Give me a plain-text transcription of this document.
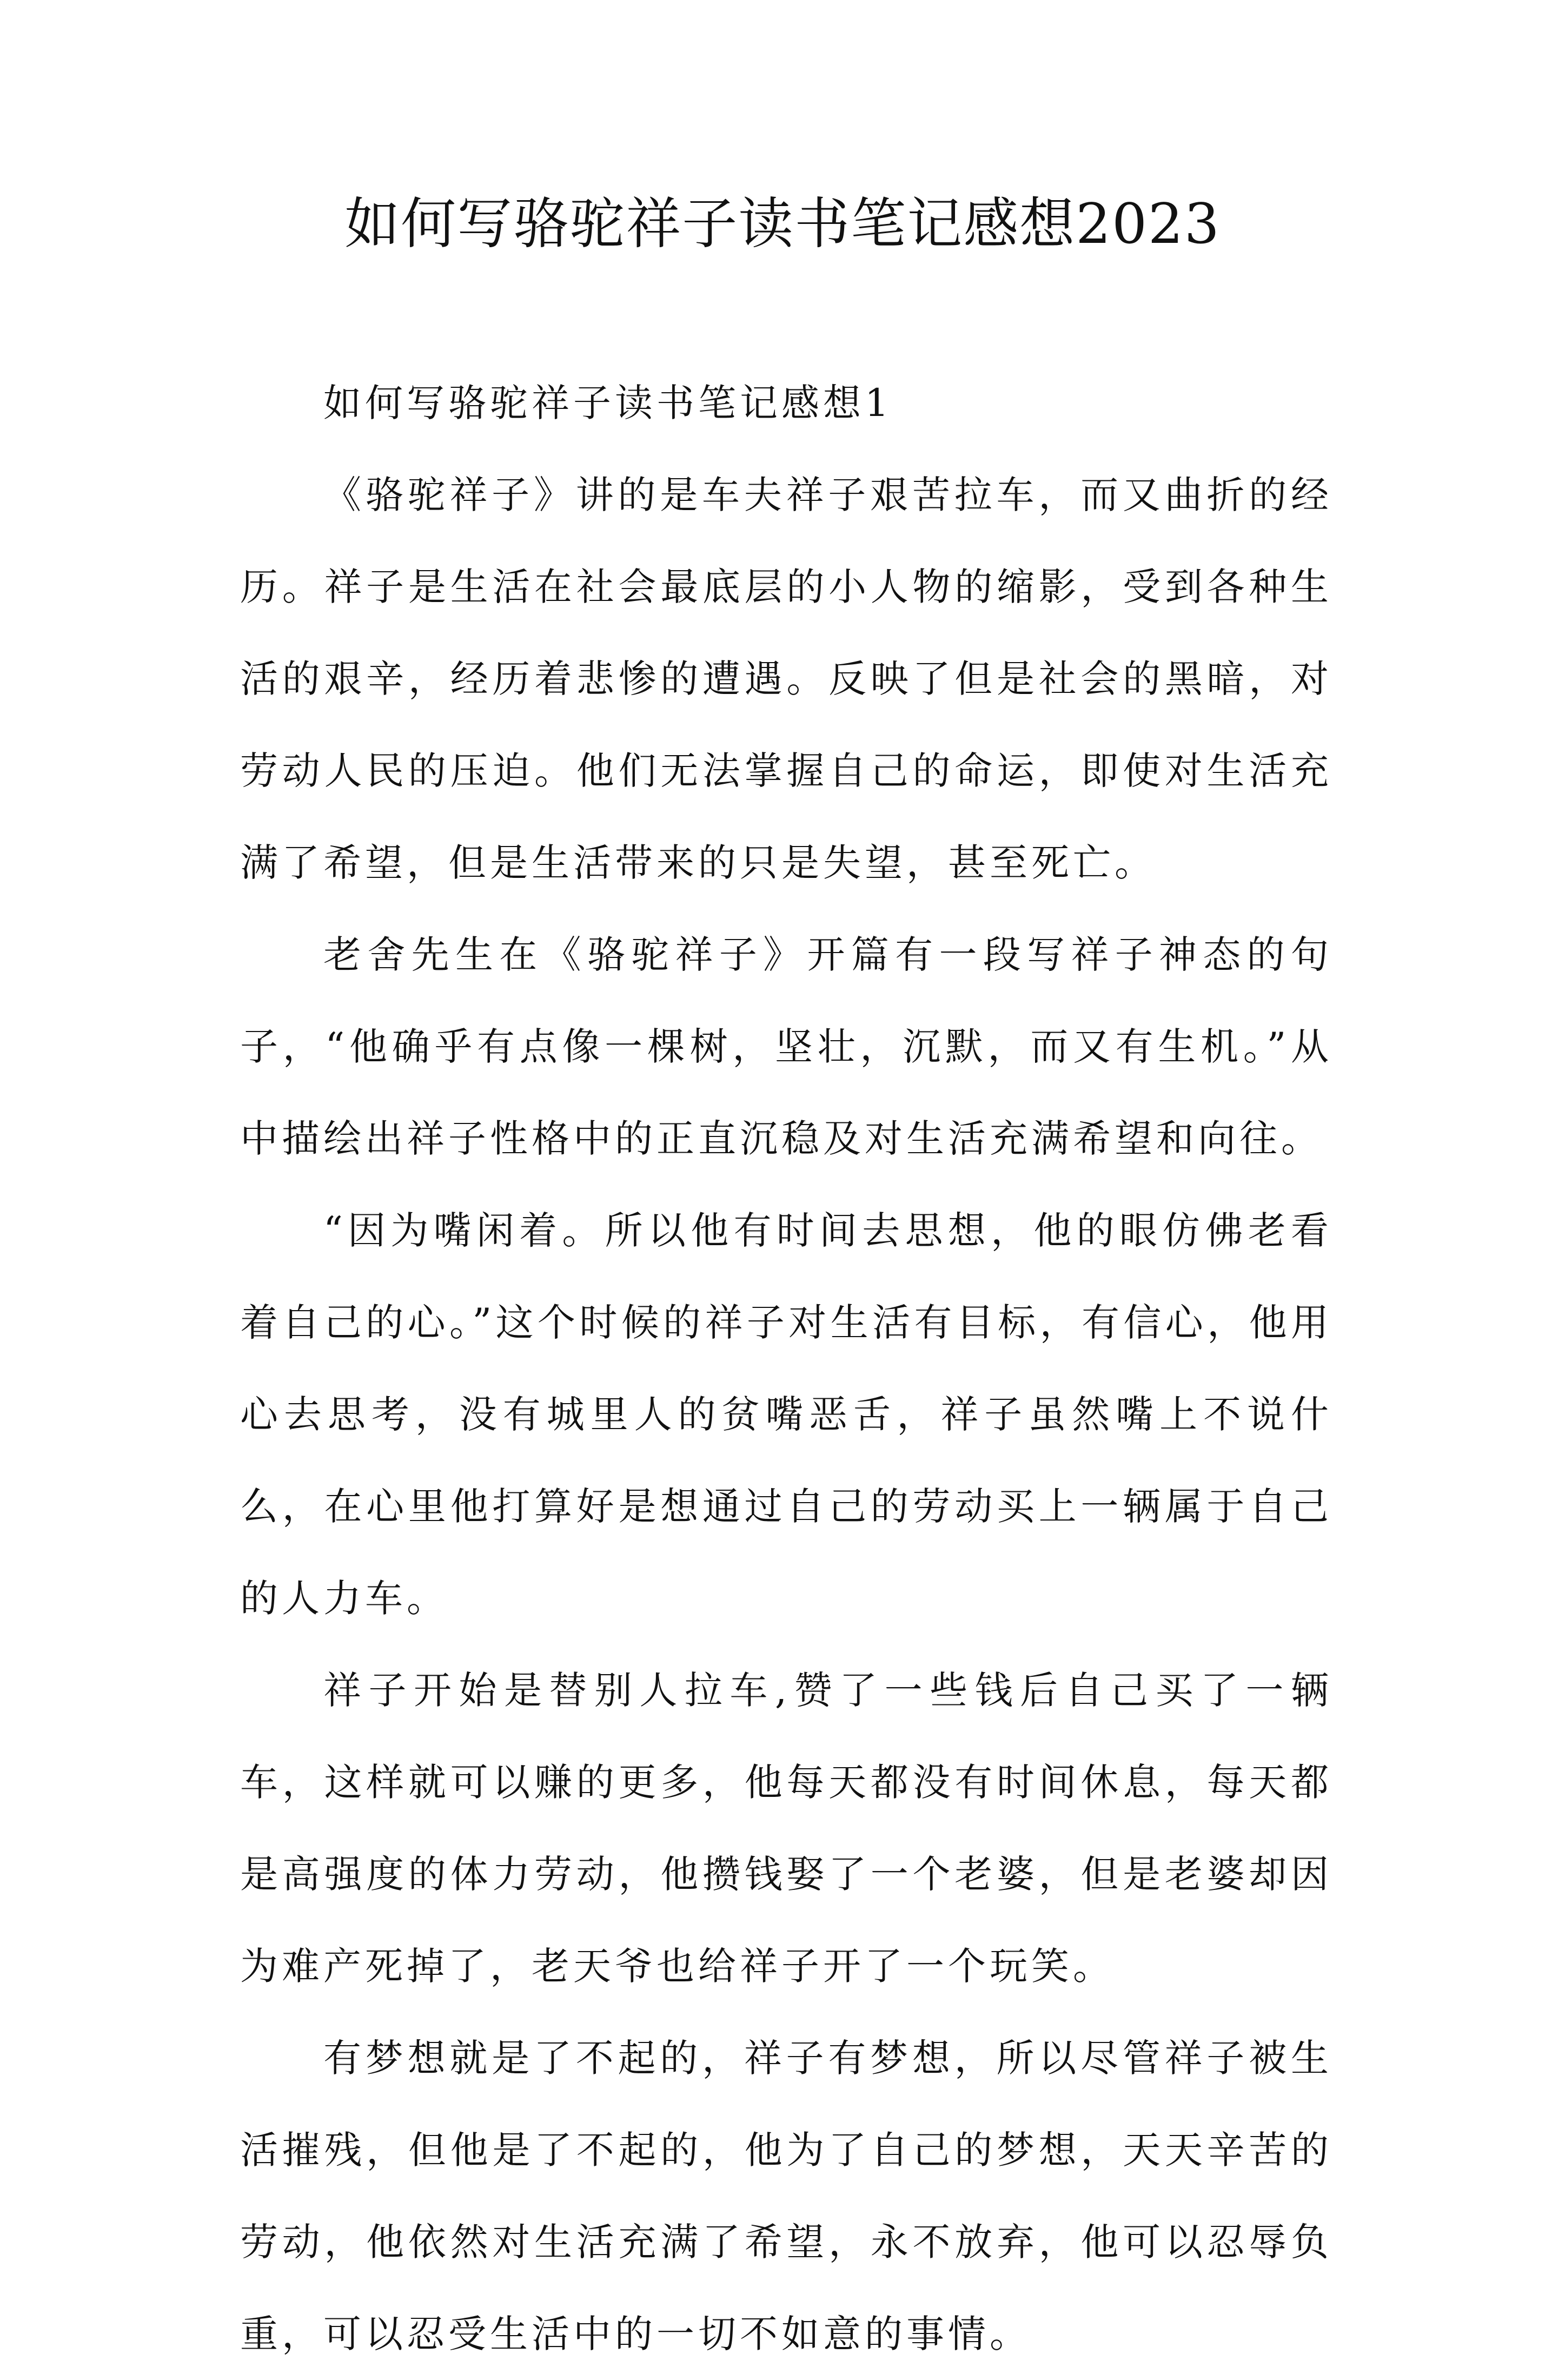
如何写骆驼祥子读书笔记感想2023

如何写骆驼祥子读书笔记感想1

《骆驼祥子》讲的是车夫祥子艰苦拉车，而又曲折的经历。祥子是生活在社会最底层的小人物的缩影，受到各种生活的艰辛，经历着悲惨的遭遇。反映了但是社会的黑暗，对劳动人民的压迫。他们无法掌握自己的命运，即使对生活充满了希望，但是生活带来的只是失望，甚至死亡。

老舍先生在《骆驼祥子》开篇有一段写祥子神态的句子，“他确乎有点像一棵树，坚壮，沉默，而又有生机。”从中描绘出祥子性格中的正直沉稳及对生活充满希望和向往。

“因为嘴闲着。所以他有时间去思想，他的眼仿佛老看着自己的心。”这个时候的祥子对生活有目标，有信心，他用心去思考，没有城里人的贫嘴恶舌，祥子虽然嘴上不说什么，在心里他打算好是想通过自己的劳动买上一辆属于自己的人力车。

祥子开始是替别人拉车,赞了一些钱后自己买了一辆车，这样就可以赚的更多，他每天都没有时间休息，每天都是高强度的体力劳动，他攒钱娶了一个老婆，但是老婆却因为难产死掉了，老天爷也给祥子开了一个玩笑。

有梦想就是了不起的，祥子有梦想，所以尽管祥子被生活摧残，但他是了不起的，他为了自己的梦想，天天辛苦的劳动，他依然对生活充满了希望，永不放弃，他可以忍辱负重，可以忍受生活中的一切不如意的事情。
